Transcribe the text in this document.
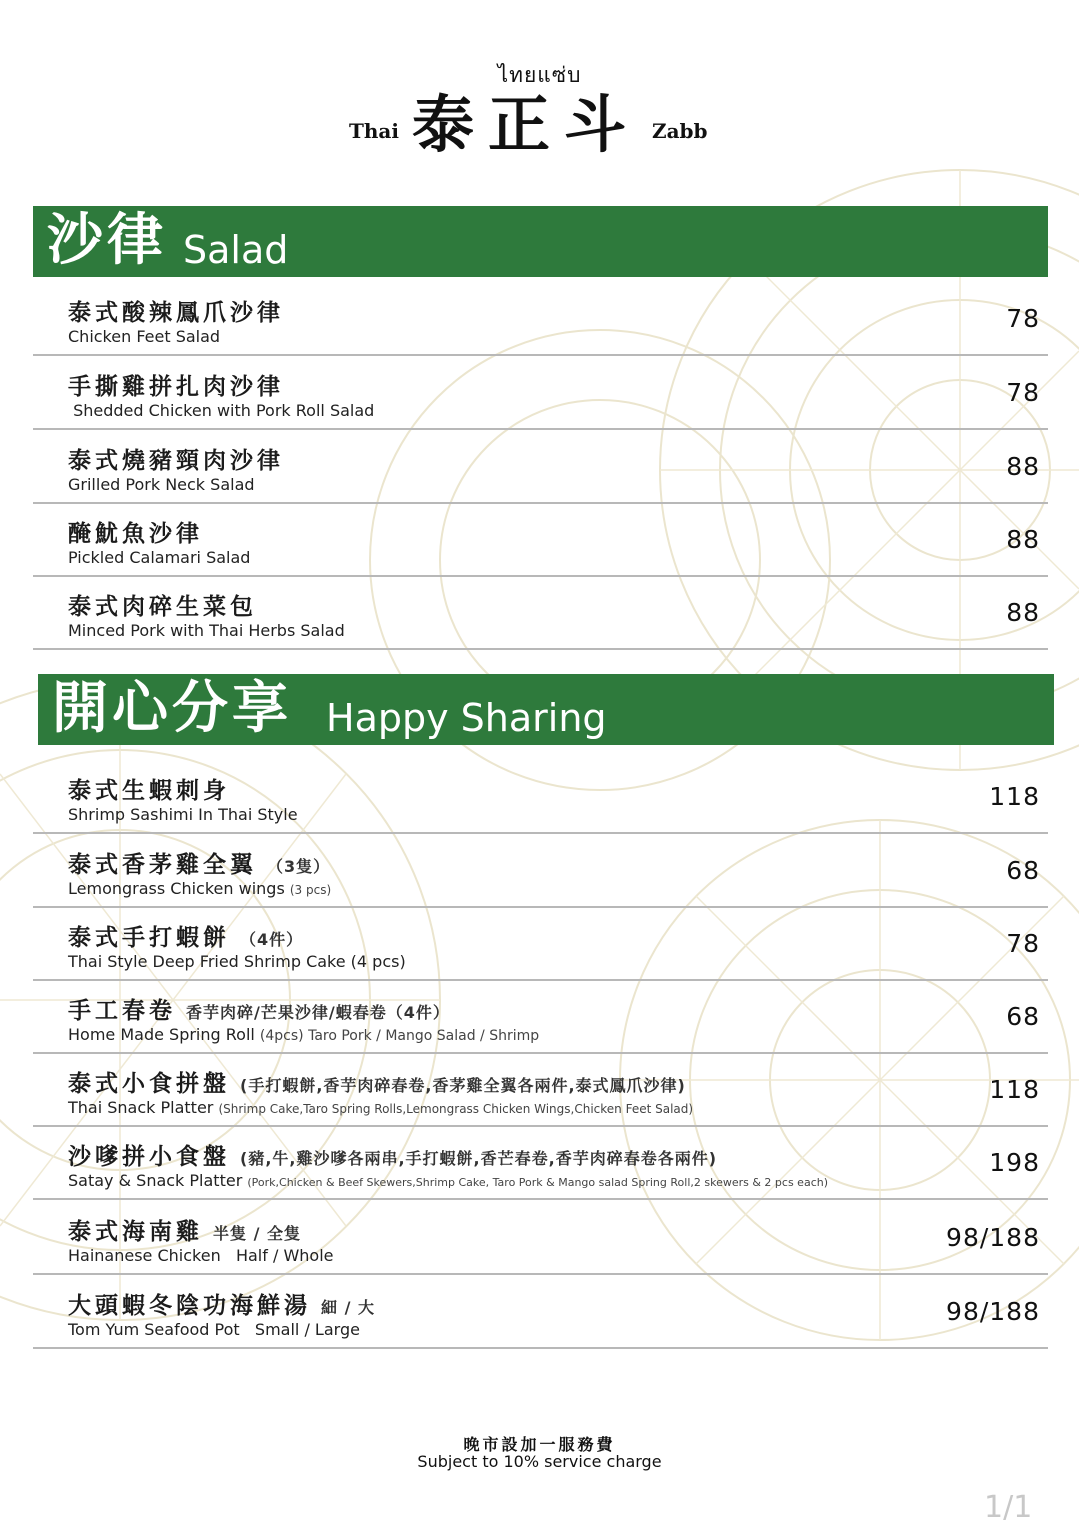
ไทยแซ่บ
Thai 泰正斗 Zabb
沙律 Salad
泰式酸辣鳳爪沙律
Chicken Feet Salad
78
手撕雞拼扎肉沙律
Shedded Chicken with Pork Roll Salad
78
泰式燒豬頸肉沙律
Grilled Pork Neck Salad
88
醃魷魚沙律
Pickled Calamari Salad
88
泰式肉碎生菜包
Minced Pork with Thai Herbs Salad
88
開心分享 Happy Sharing
泰式生蝦刺身
Shrimp Sashimi In Thai Style
118
泰式香茅雞全翼 （3隻）
Lemongrass Chicken wings (3 pcs)
68
泰式手打蝦餅 （4件）
Thai Style Deep Fried Shrimp Cake (4 pcs)
78
手工春卷 香芋肉碎/芒果沙律/蝦春卷（4件）
Home Made Spring Roll (4pcs) Taro Pork / Mango Salad / Shrimp
68
泰式小食拼盤 (手打蝦餅,香芋肉碎春卷,香茅雞全翼各兩件,泰式鳳爪沙律)
Thai Snack Platter (Shrimp Cake,Taro Spring Rolls,Lemongrass Chicken Wings,Chicken Feet Salad)
118
沙嗲拼小食盤 (豬,牛,雞沙嗲各兩串,手打蝦餅,香芒春卷,香芋肉碎春卷各兩件)
Satay & Snack Platter (Pork,Chicken & Beef Skewers,Shrimp Cake, Taro Pork & Mango salad Spring Roll,2 skewers & 2 pcs each)
198
泰式海南雞 半隻 / 全隻
Hainanese Chicken   Half / Whole
98/188
大頭蝦冬陰功海鮮湯 細 / 大
Tom Yum Seafood Pot   Small / Large
98/188
晚市設加一服務費
Subject to 10% service charge
1/1
